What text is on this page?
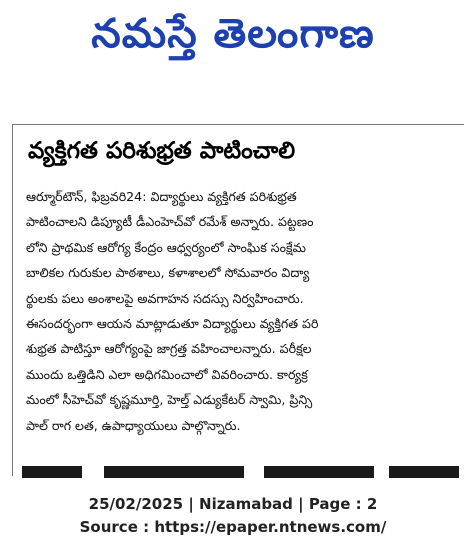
నమస్తే తెలంగాణ
వ్యక్తిగత పరిశుభ్రత పాటించాలి
ఆర్మూర్‌టౌన్, ఫిబ్రవరి24: విద్యార్థులు వ్యక్తిగత పరిశుభ్రత
పాటించాలని డిప్యూటీ డీఎంహెచ్‌వో రమేశ్ అన్నారు. పట్టణం
లోని ప్రాథమిక ఆరోగ్య కేంద్రం ఆధ్వర్యంలో సాంఘిక సంక్షేమ
బాలికల గురుకుల పాఠశాలు, కళాశాలలో సోమవారం విద్యా
ర్థులకు పలు అంశాలపై అవగాహన సదస్సు నిర్వహించారు.
ఈసందర్భంగా ఆయన మాట్లాడుతూ విద్యార్థులు వ్యక్తిగత పరి
శుభ్రత పాటిస్తూ ఆరోగ్యంపై జాగ్రత్త వహించాలన్నారు. పరీక్షల
ముందు ఒత్తిడిని ఎలా అధిగమించాలో వివరించారు. కార్యక్ర
మంలో సీహెచ్‌వో కృష్ణమూర్తి, హెల్త్ ఎడ్యుకేటర్ స్వామి, ప్రిన్సి
పాల్ రాగ లత, ఉపాధ్యాయులు పాల్గొన్నారు.
25/02/2025 | Nizamabad | Page : 2
Source : https://epaper.ntnews.com/
